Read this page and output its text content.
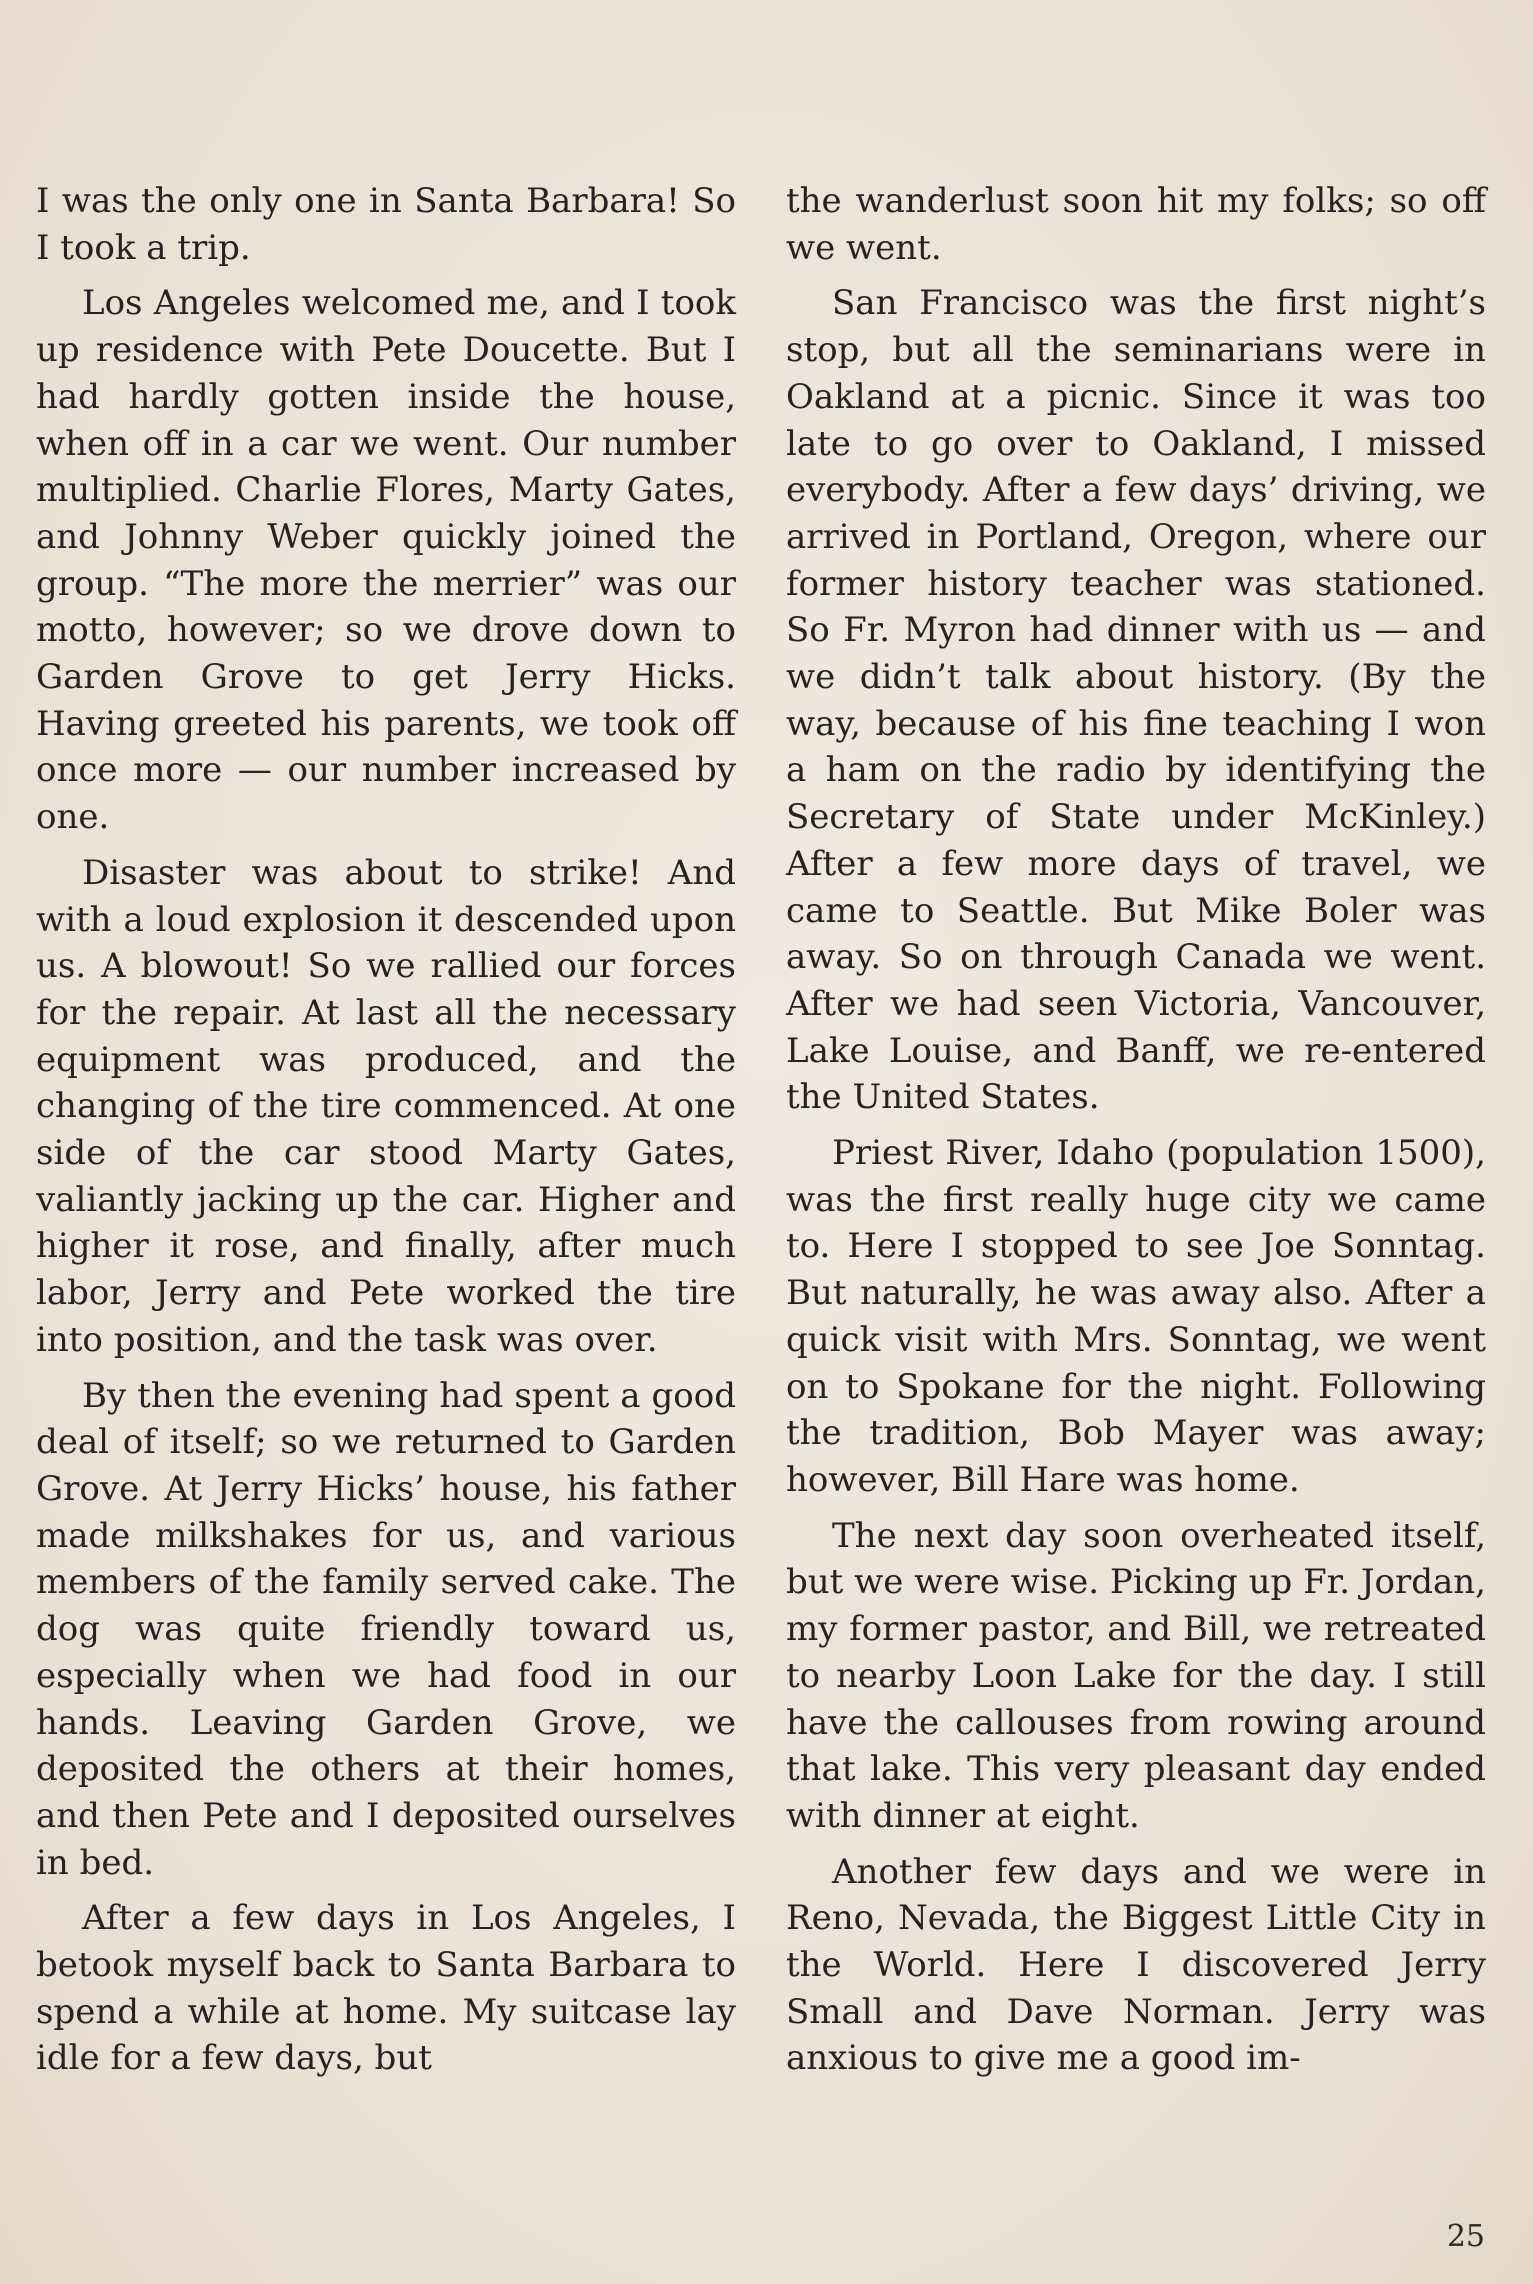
I was the only one in Santa Barbara! So I took a trip.

Los Angeles welcomed me, and I took up residence with Pete Doucette. But I had hardly gotten inside the house, when off in a car we went. Our number multiplied. Charlie Flores, Marty Gates, and Johnny Weber quickly joined the group. “The more the merrier” was our motto, however; so we drove down to Garden Grove to get Jerry Hicks. Having greeted his parents, we took off once more — our number increased by one.

Disaster was about to strike! And with a loud explosion it descended upon us. A blowout! So we rallied our forces for the repair. At last all the necessary equipment was produced, and the changing of the tire commenced. At one side of the car stood Marty Gates, valiantly jacking up the car. Higher and higher it rose, and finally, after much labor, Jerry and Pete worked the tire into position, and the task was over.

By then the evening had spent a good deal of itself; so we returned to Garden Grove. At Jerry Hicks’ house, his father made milkshakes for us, and various members of the family served cake. The dog was quite friendly toward us, especially when we had food in our hands. Leaving Garden Grove, we deposited the others at their homes, and then Pete and I deposited ourselves in bed.

After a few days in Los Angeles, I betook myself back to Santa Barbara to spend a while at home. My suitcase lay idle for a few days, but

the wanderlust soon hit my folks; so off we went.

San Francisco was the first night’s stop, but all the seminarians were in Oakland at a picnic. Since it was too late to go over to Oakland, I missed everybody. After a few days’ driving, we arrived in Portland, Oregon, where our former history teacher was stationed. So Fr. Myron had dinner with us — and we didn’t talk about history. (By the way, because of his fine teaching I won a ham on the radio by identifying the Secretary of State under McKinley.) After a few more days of travel, we came to Seattle. But Mike Boler was away. So on through Canada we went. After we had seen Victoria, Vancouver, Lake Louise, and Banff, we re-entered the United States.

Priest River, Idaho (population 1500), was the first really huge city we came to. Here I stopped to see Joe Sonntag. But naturally, he was away also. After a quick visit with Mrs. Sonntag, we went on to Spokane for the night. Following the tradition, Bob Mayer was away; however, Bill Hare was home.

The next day soon overheated itself, but we were wise. Picking up Fr. Jordan, my former pastor, and Bill, we retreated to nearby Loon Lake for the day. I still have the callouses from rowing around that lake. This very pleasant day ended with dinner at eight.

Another few days and we were in Reno, Nevada, the Biggest Little City in the World. Here I discovered Jerry Small and Dave Norman. Jerry was anxious to give me a good im-

25
